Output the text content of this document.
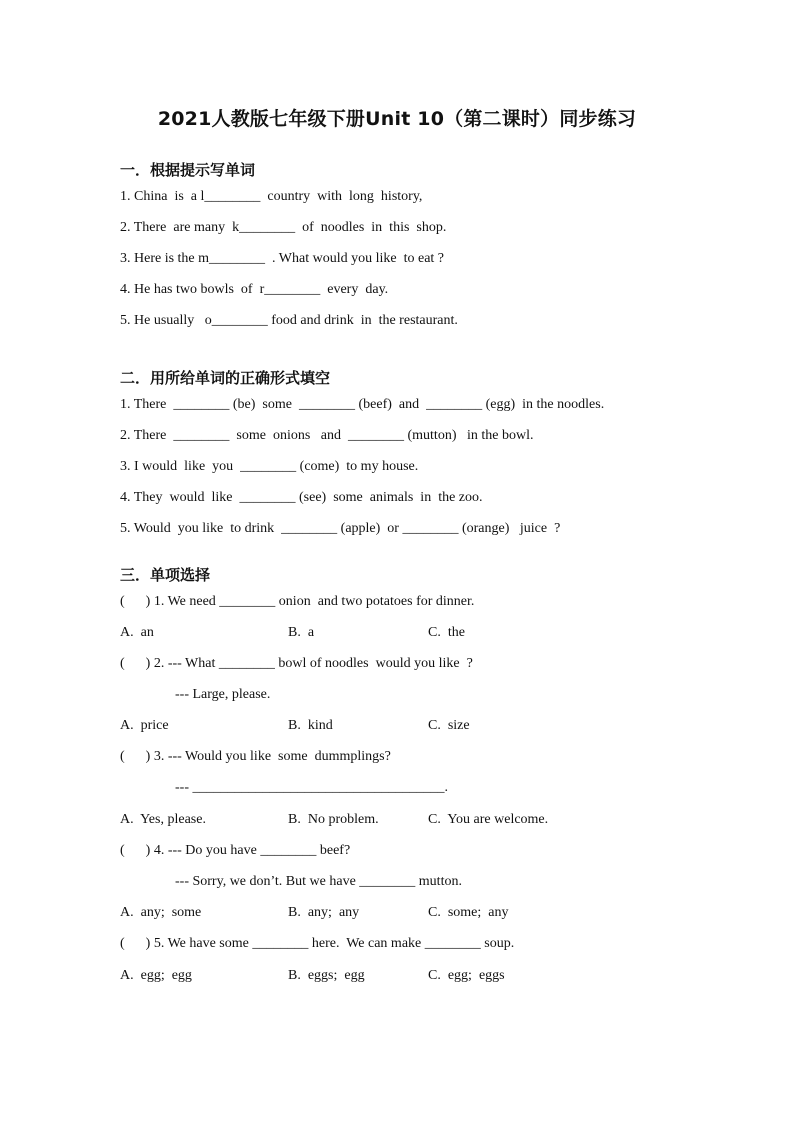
2021人教版七年级下册Unit 10（第二课时）同步练习
一．根据提示写单词
1. China  is  a l________  country  with  long  history,
2. There  are many  k________  of  noodles  in  this  shop.
3. Here is the m________  . What would you like  to eat ?
4. He has two bowls  of  r________  every  day.
5. He usually   o________ food and drink  in  the restaurant.
二．用所给单词的正确形式填空
1. There  ________ (be)  some  ________ (beef)  and  ________ (egg)  in the noodles.
2. There  ________  some  onions   and  ________ (mutton)   in the bowl.
3. I would  like  you  ________ (come)  to my house.
4. They  would  like  ________ (see)  some  animals  in  the zoo.
5. Would  you like  to drink  ________ (apple)  or ________ (orange)   juice  ?
三．单项选择
(      ) 1. We need ________ onion  and two potatoes for dinner.
A.  an	B.  a	C.  the
(      ) 2. --- What ________ bowl of noodles  would you like  ?
--- Large, please.
A.  price	B.  kind	C.  size
(      ) 3. --- Would you like  some  dummplings?
--- ____________________________________.
A.  Yes, please.	B.  No problem.	C.  You are welcome.
(      ) 4. --- Do you have ________ beef?
--- Sorry, we don’t. But we have ________ mutton.
A.  any;  some	B.  any;  any	C.  some;  any
(      ) 5. We have some ________ here.  We can make ________ soup.
A.  egg;  egg	B.  eggs;  egg	C.  egg;  eggs
